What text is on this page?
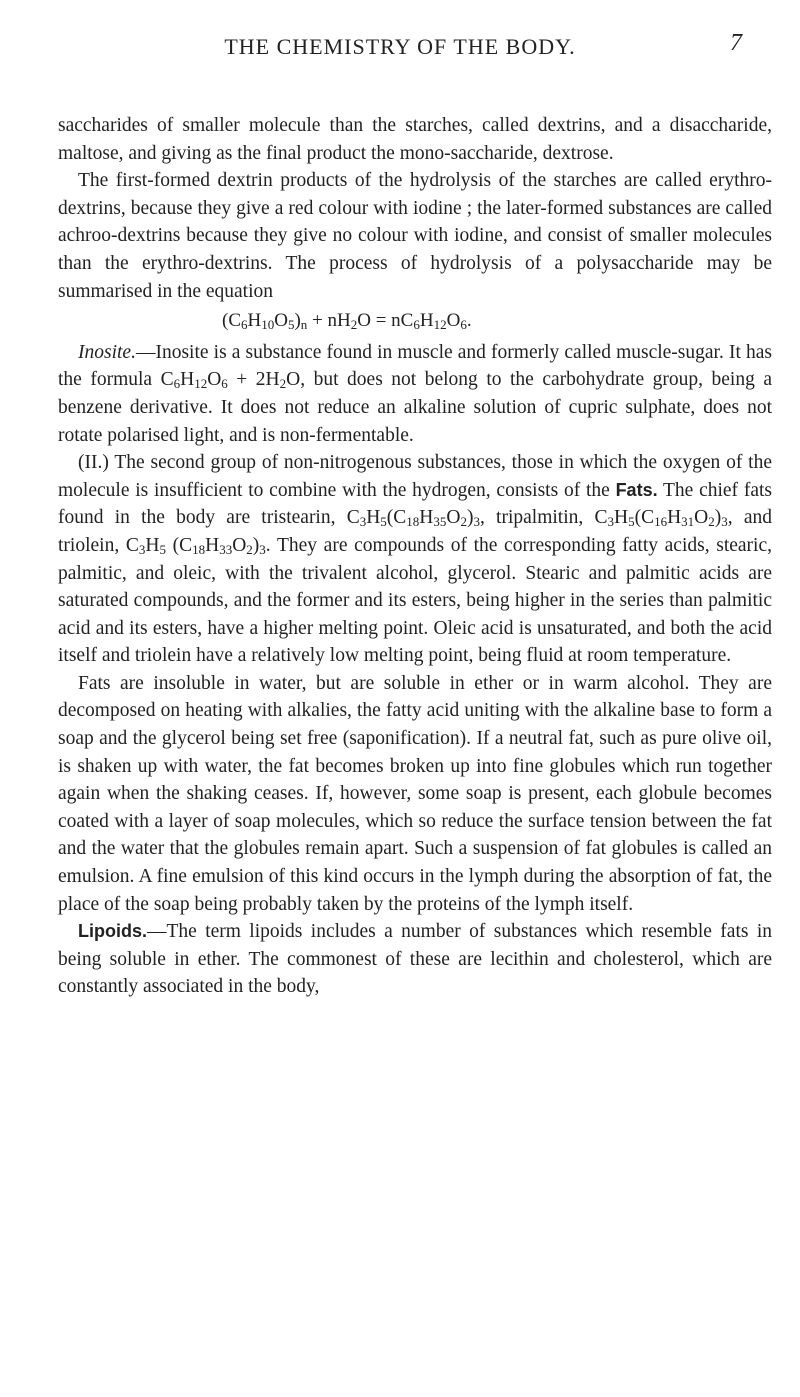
THE CHEMISTRY OF THE BODY.	7

saccharides of smaller molecule than the starches, called dextrins, and a disaccharide, maltose, and giving as the final product the mono-saccharide, dextrose.

The first-formed dextrin products of the hydrolysis of the starches are called erythro-dextrins, because they give a red colour with iodine ; the later-formed substances are called achroo-dextrins because they give no colour with iodine, and consist of smaller molecules than the erythro-dextrins. The process of hydrolysis of a polysaccharide may be summarised in the equation

$(C_6H_{10}O_5)n + nH_2O = nC_6H_{12}O_6$.

Inosite.—Inosite is a substance found in muscle and formerly called muscle-sugar. It has the formula $C_6H_{12}O_6 + 2H_2O$, but does not belong to the carbohydrate group, being a benzene derivative. It does not reduce an alkaline solution of cupric sulphate, does not rotate polarised light, and is non-fermentable.

(II.) The second group of non-nitrogenous substances, those in which the oxygen of the molecule is insufficient to combine with the hydrogen, consists of the Fats. The chief fats found in the body are tristearin, $C_3H_5(C_{18}H_{35}O_2)_3$, tripalmitin, $C_3H_5(C_{16}H_{31}O_2)_3$, and triolein, $C_3H_5$ $(C_{18}H_{33}O_2)_3$. They are compounds of the corresponding fatty acids, stearic, palmitic, and oleic, with the trivalent alcohol, glycerol. Stearic and palmitic acids are saturated compounds, and the former and its esters, being higher in the series than palmitic acid and its esters, have a higher melting point. Oleic acid is unsaturated, and both the acid itself and triolein have a relatively low melting point, being fluid at room temperature.

Fats are insoluble in water, but are soluble in ether or in warm alcohol. They are decomposed on heating with alkalies, the fatty acid uniting with the alkaline base to form a soap and the glycerol being set free (saponification). If a neutral fat, such as pure olive oil, is shaken up with water, the fat becomes broken up into fine globules which run together again when the shaking ceases. If, however, some soap is present, each globule becomes coated with a layer of soap molecules, which so reduce the surface tension between the fat and the water that the globules remain apart. Such a suspension of fat globules is called an emulsion. A fine emulsion of this kind occurs in the lymph during the absorption of fat, the place of the soap being probably taken by the proteins of the lymph itself.

Lipoids.—The term lipoids includes a number of substances which resemble fats in being soluble in ether. The commonest of these are lecithin and cholesterol, which are constantly associated in the body,
